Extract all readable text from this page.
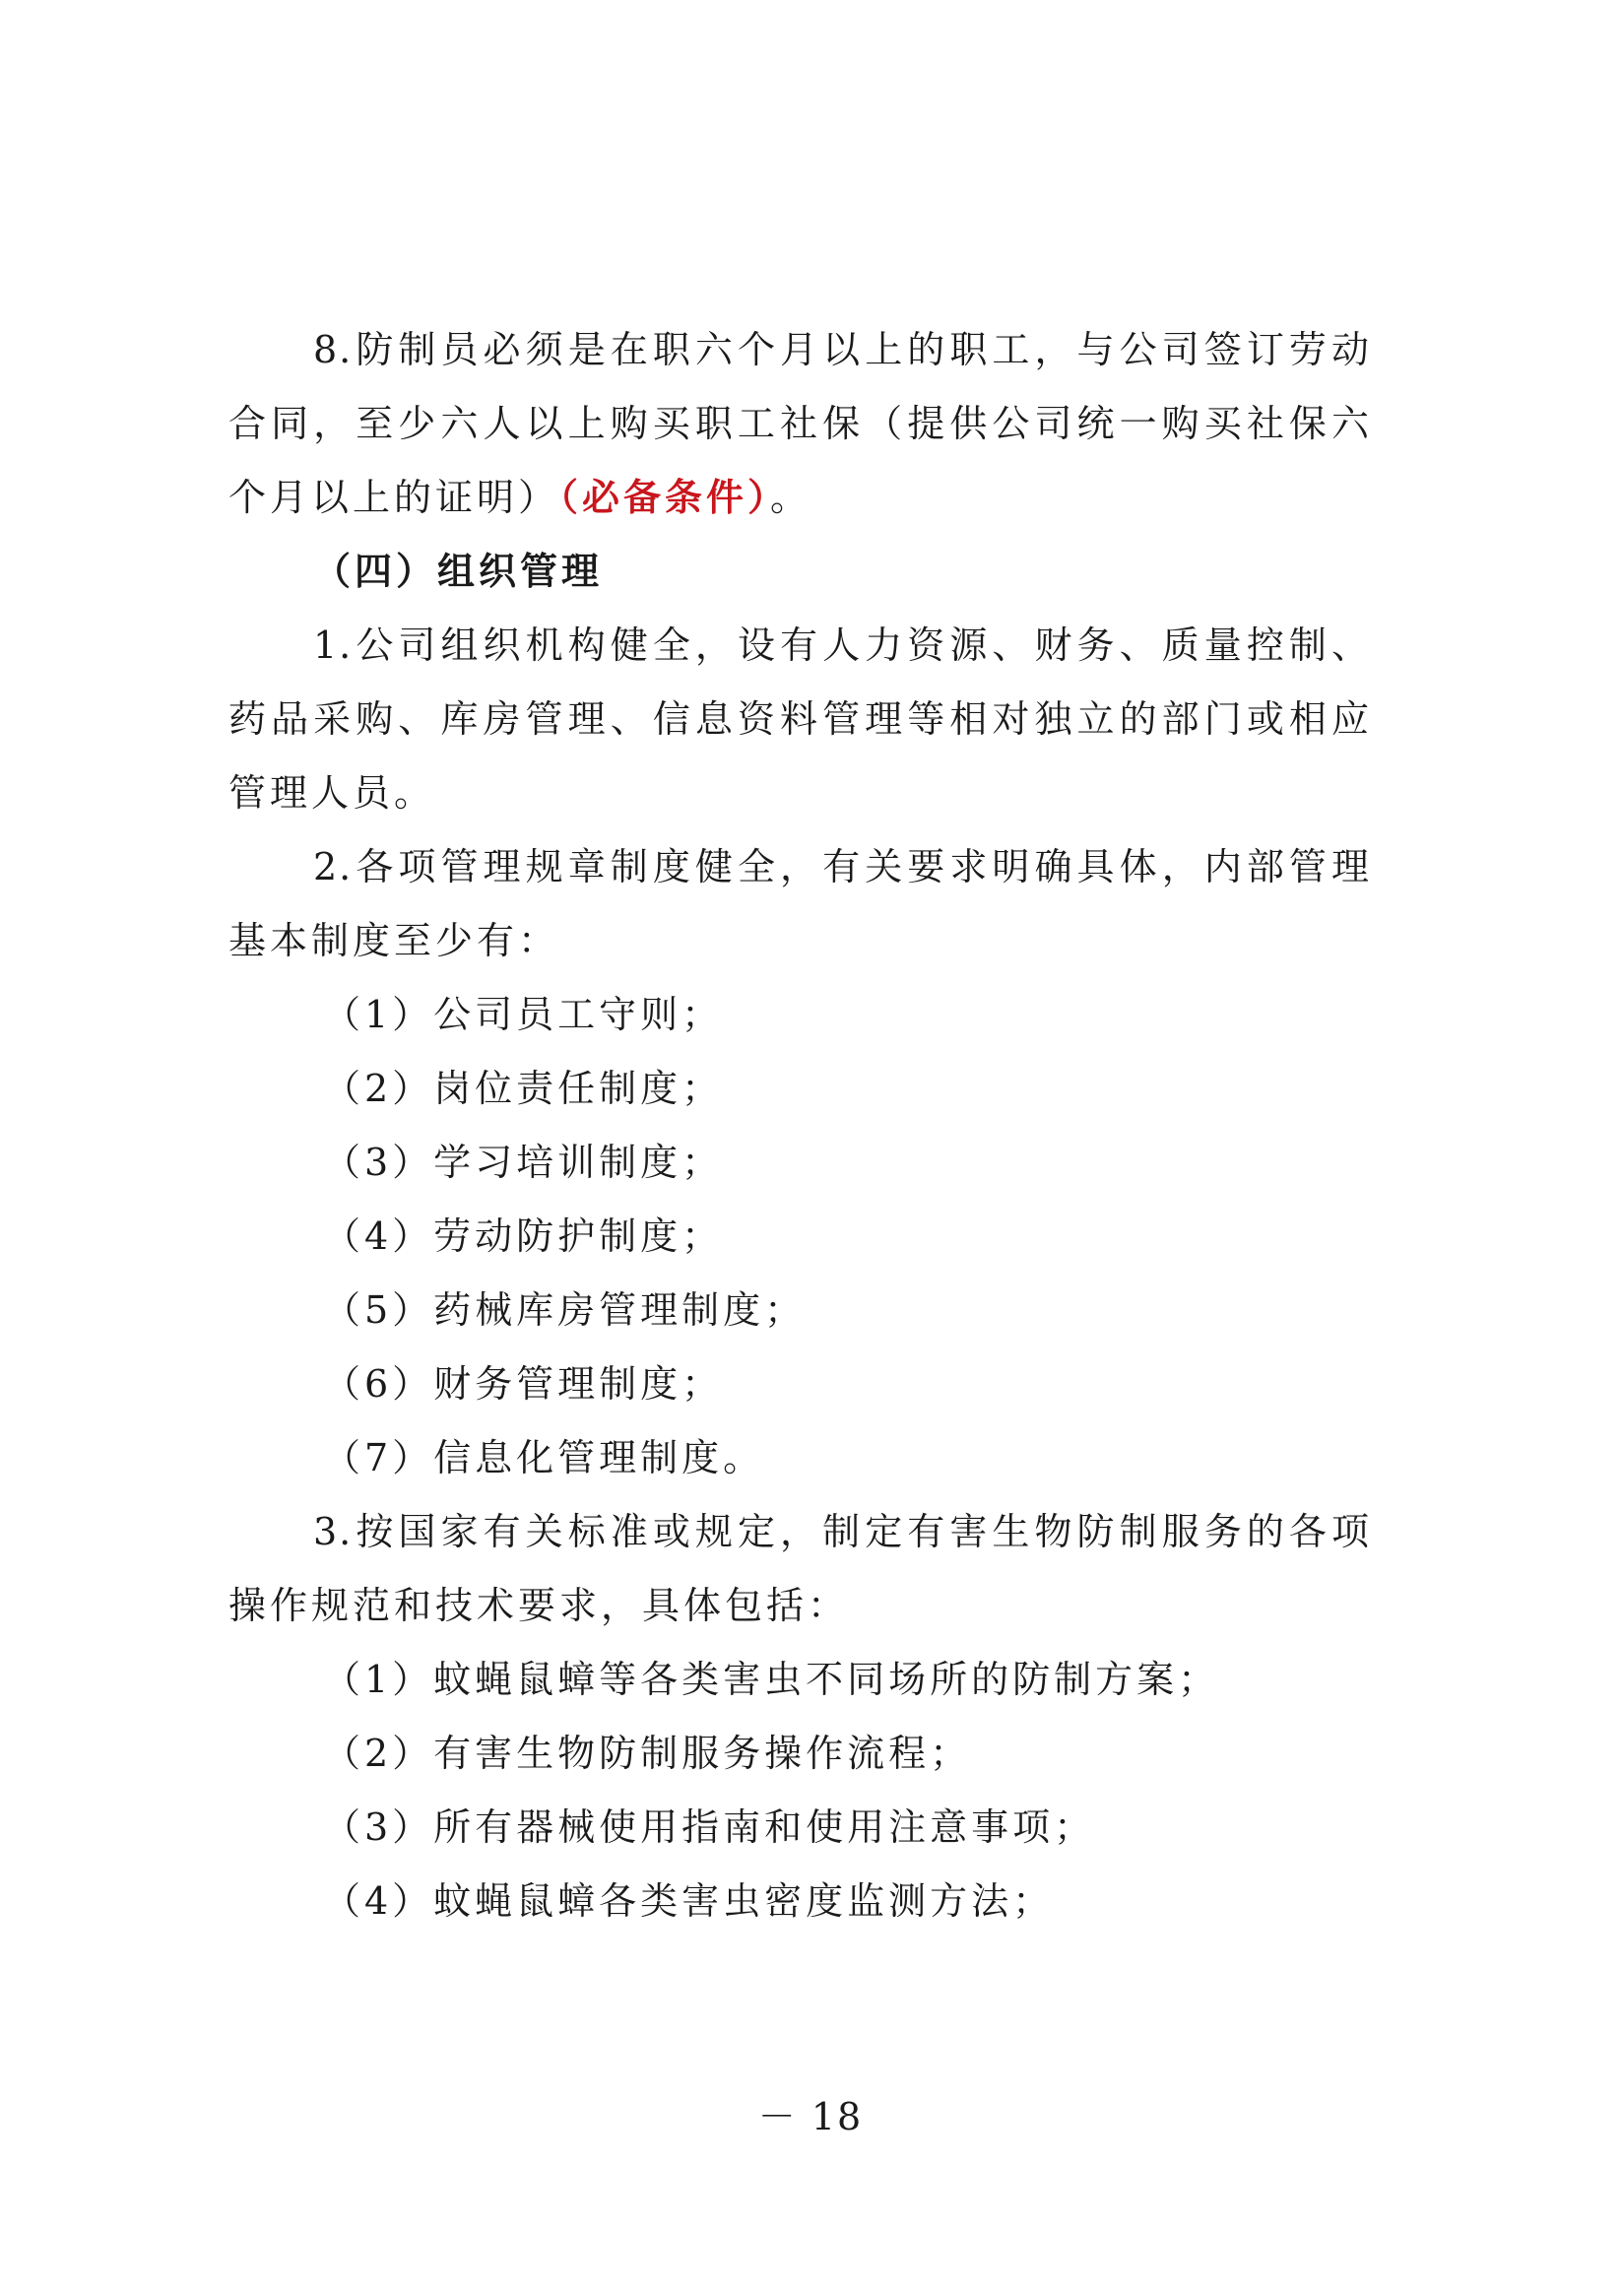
8.防制员必须是在职六个月以上的职工，与公司签订劳动
合同，至少六人以上购买职工社保（提供公司统一购买社保六
个月以上的证明）（必备条件）。
（四）组织管理
1.公司组织机构健全，设有人力资源、财务、质量控制、
药品采购、库房管理、信息资料管理等相对独立的部门或相应
管理人员。
2.各项管理规章制度健全，有关要求明确具体，内部管理
基本制度至少有：
（1）公司员工守则；
（2）岗位责任制度；
（3）学习培训制度；
（4）劳动防护制度；
（5）药械库房管理制度；
（6）财务管理制度；
（7）信息化管理制度。
3.按国家有关标准或规定，制定有害生物防制服务的各项
操作规范和技术要求，具体包括：
（1）蚊蝇鼠蟑等各类害虫不同场所的防制方案；
（2）有害生物防制服务操作流程；
（3）所有器械使用指南和使用注意事项；
（4）蚊蝇鼠蟑各类害虫密度监测方法；
－ 18
